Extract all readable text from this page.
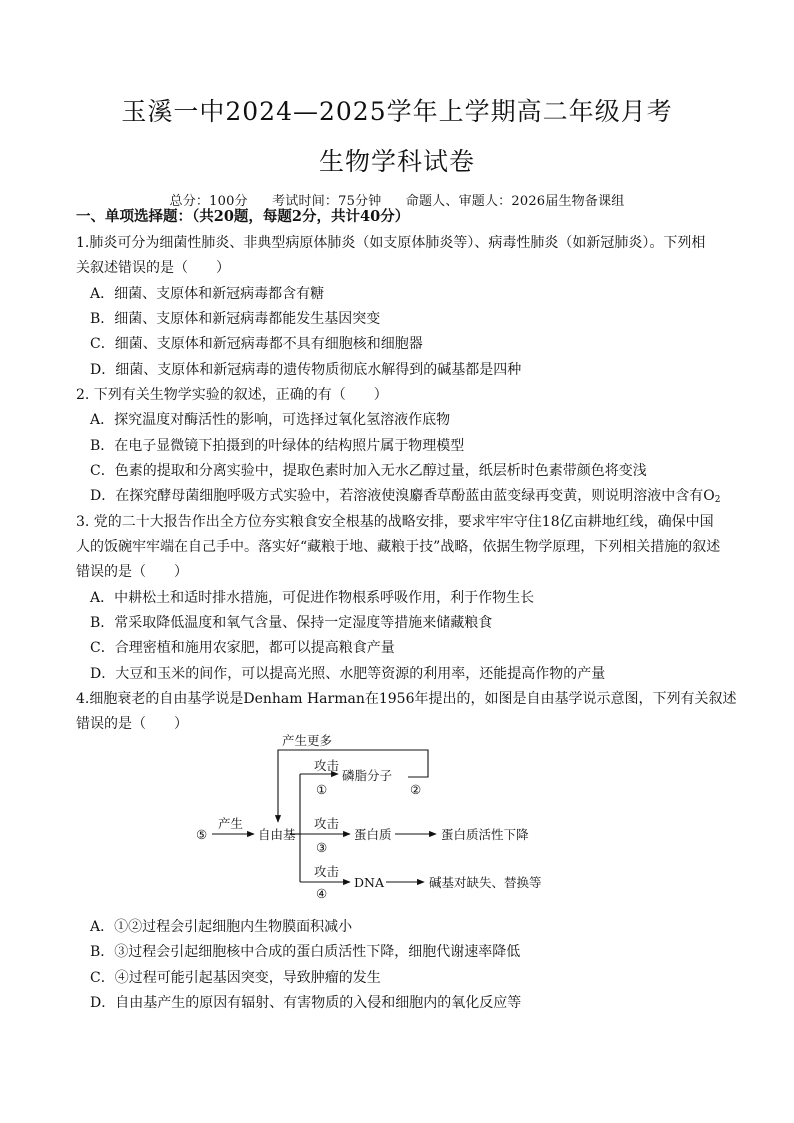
玉溪一中2024—2025学年上学期高二年级月考
生物学科试卷
总分：100分 考试时间：75分钟 命题人、审题人：2026届生物备课组
一、单项选择题：（共20题，每题2分，共计40分）
1.肺炎可分为细菌性肺炎、非典型病原体肺炎（如支原体肺炎等）、病毒性肺炎（如新冠肺炎）。下列相
关叙述错误的是（　　）
A．细菌、支原体和新冠病毒都含有糖
B．细菌、支原体和新冠病毒都能发生基因突变
C．细菌、支原体和新冠病毒都不具有细胞核和细胞器
D．细菌、支原体和新冠病毒的遗传物质彻底水解得到的碱基都是四种
2. 下列有关生物学实验的叙述，正确的有（　　）
A．探究温度对酶活性的影响，可选择过氧化氢溶液作底物
B．在电子显微镜下拍摄到的叶绿体的结构照片属于物理模型
C．色素的提取和分离实验中，提取色素时加入无水乙醇过量，纸层析时色素带颜色将变浅
D．在探究酵母菌细胞呼吸方式实验中，若溶液使溴麝香草酚蓝由蓝变绿再变黄，则说明溶液中含有$O_2$
3. 党的二十大报告作出全方位夯实粮食安全根基的战略安排，要求牢牢守住18亿亩耕地红线，确保中国
人的饭碗牢牢端在自己手中。落实好“藏粮于地、藏粮于技”战略，依据生物学原理，下列相关措施的叙述
错误的是（　　）
A．中耕松土和适时排水措施，可促进作物根系呼吸作用，利于作物生长
B．常采取降低温度和氧气含量、保持一定湿度等措施来储藏粮食
C．合理密植和施用农家肥，都可以提高粮食产量
D．大豆和玉米的间作，可以提高光照、水肥等资源的利用率，还能提高作物的产量
4.细胞衰老的自由基学说是Denham Harman在1956年提出的，如图是自由基学说示意图，下列有关叙述
错误的是（　　）
产生更多
攻击
①
磷脂分子
②
⑤
产生
自由基
攻击
③
蛋白质	蛋白质活性下降
攻击
④
DNA	碱基对缺失、替换等
A．①②过程会引起细胞内生物膜面积减小
B．③过程会引起细胞核中合成的蛋白质活性下降，细胞代谢速率降低
C．④过程可能引起基因突变，导致肿瘤的发生
D．自由基产生的原因有辐射、有害物质的入侵和细胞内的氧化反应等
